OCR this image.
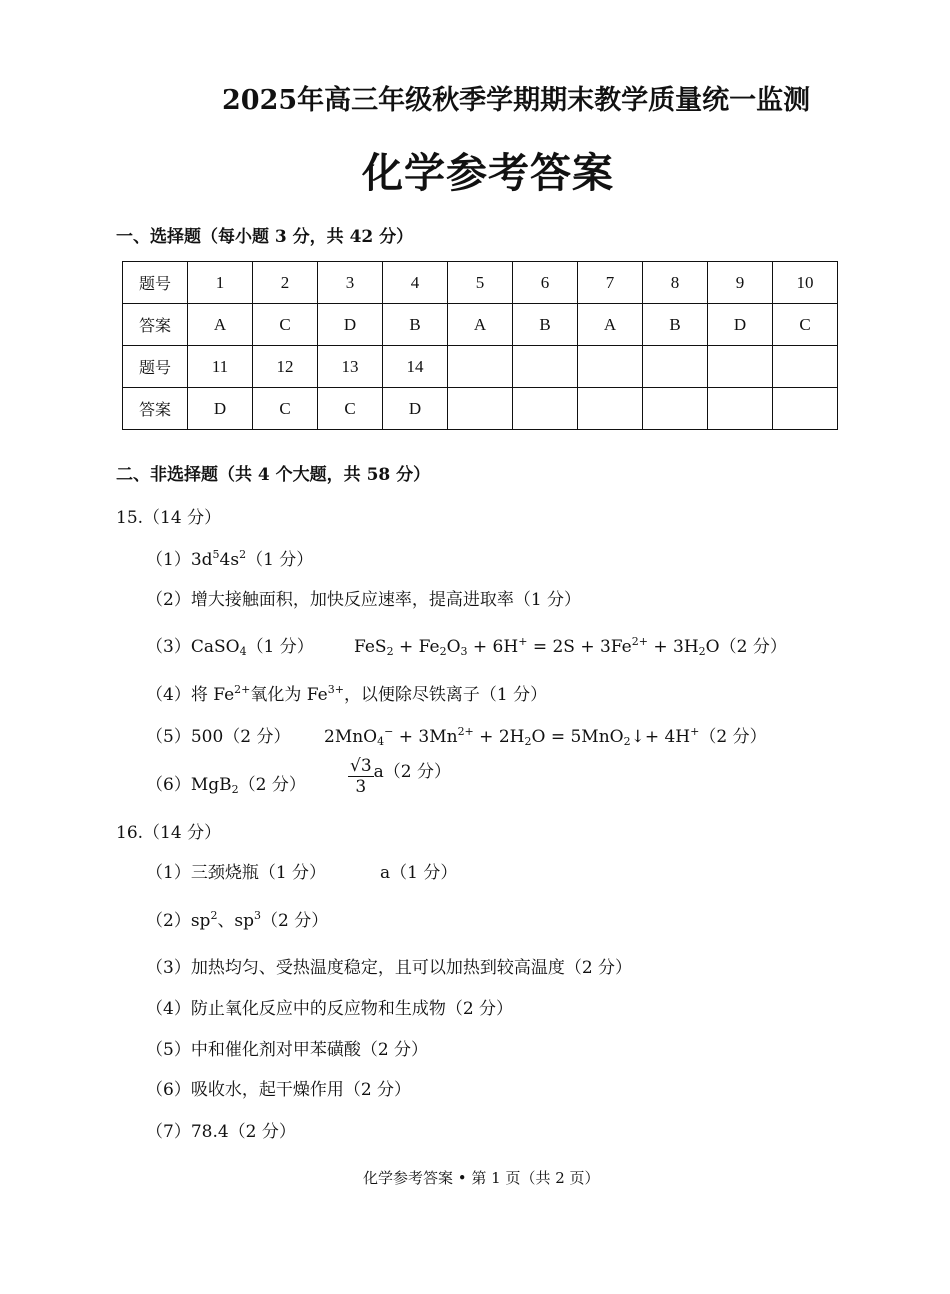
2025年高三年级秋季学期期末教学质量统一监测
化学参考答案
一、选择题（每小题 3 分，共 42 分）
题号	1	2	3	4	5	6	7	8	9	10
答案	A	C	D	B	A	B	A	B	D	C
题号	11	12	13	14						
答案	D	C	C	D						
二、非选择题（共 4 个大题，共 58 分）
15.（14 分）
$(1)3d^54s^2(1$ 分）
（2）增大接触面积，加快反应速率，提高进取率（1 分）
（3）CaSO$_4$（1 分） $FeS_2 + Fe_2O_3 + 6H^+ = 2S + 3Fe^{2+} + 3H_2O(2$ 分）
（4）将 $Fe^{2+}$氧化为 $Fe^{3+}$，以便除尽铁离子（1 分）
（5）500（2 分） $2MnO_4^- + 3Mn^{2+} + 2H_2O$ = 5MnO$_2$↓+ 4H+（2 分）
（6）MgB$_2$（2 分） $\frac{√3}{3} a(2$ 分）
16.（14 分）
（1）三颈烧瓶（1 分）	a（1 分）
$(2)sp^2$、$sp^3(2$ 分）
（3）加热均匀、受热温度稳定，且可以加热到较高温度（2 分）
（4）防止氧化反应中的反应物和生成物（2 分）
（5）中和催化剂对甲苯磺酸（2 分）
（6）吸收水，起干燥作用（2 分）
（7）78.4（2 分）
化学参考答案 • 第 1 页（共 2 页）
